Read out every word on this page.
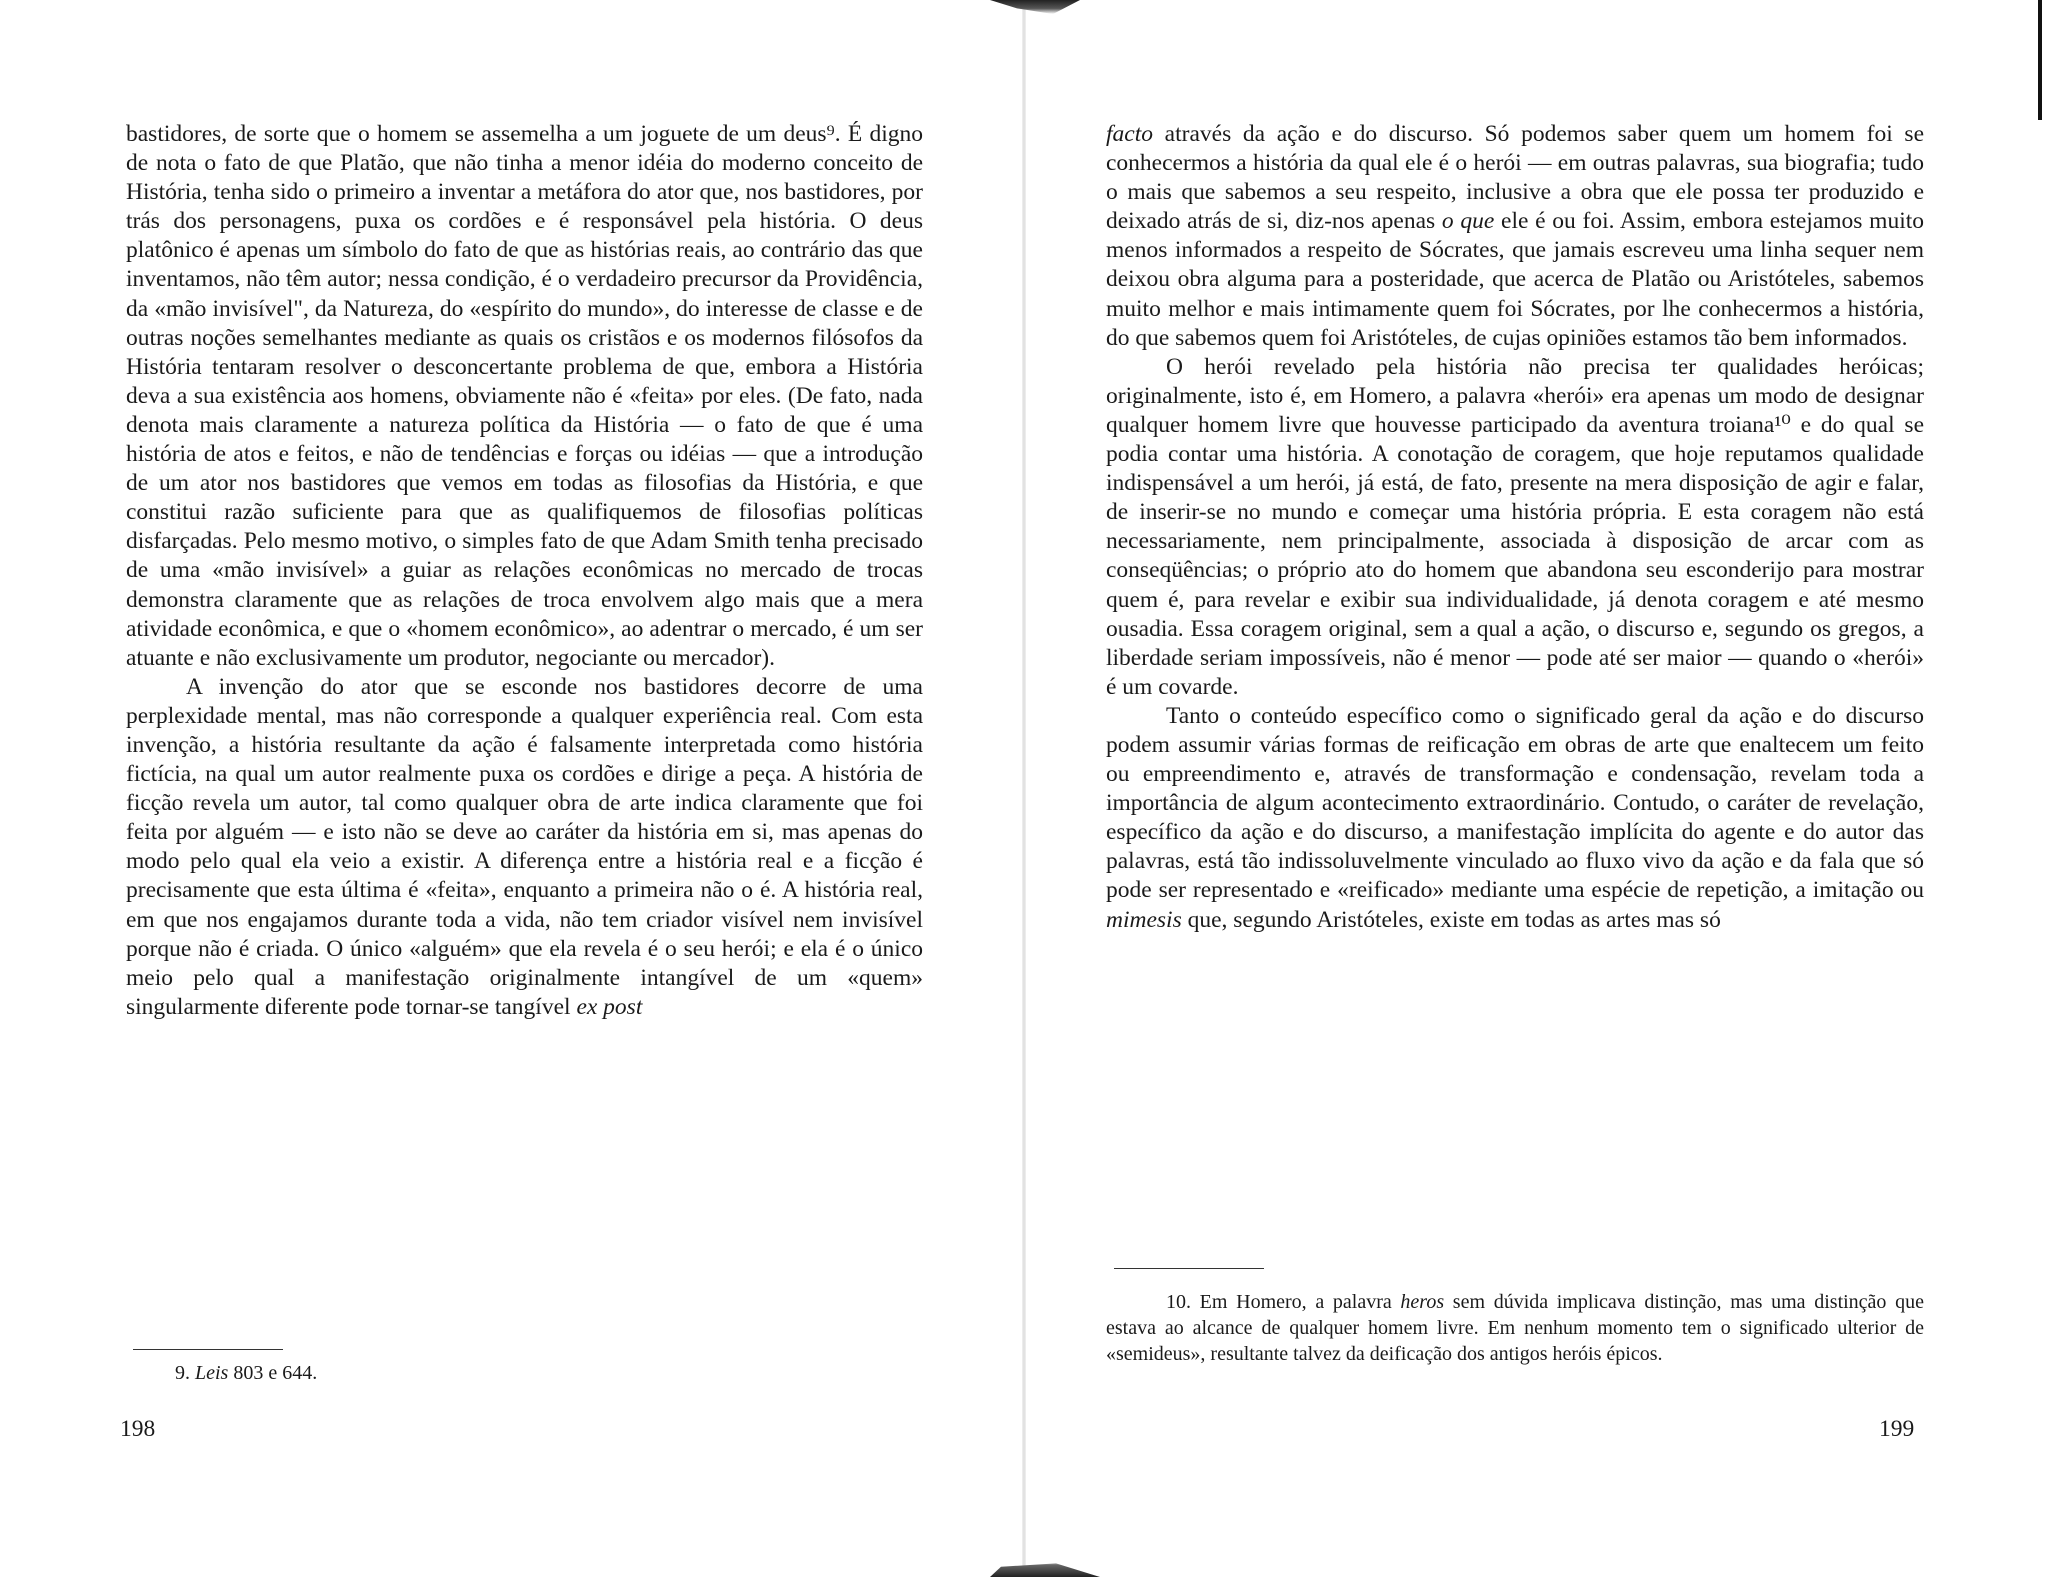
bastidores, de sorte que o homem se assemelha a um joguete de um deus⁹. É digno de nota o fato de que Platão, que não tinha a menor idéia do moderno conceito de História, tenha sido o primeiro a inventar a metáfora do ator que, nos bastidores, por trás dos personagens, puxa os cordões e é responsável pela história. O deus platônico é apenas um símbolo do fato de que as histórias reais, ao contrário das que inventamos, não têm autor; nessa condição, é o verdadeiro precursor da Providência, da «mão invisível", da Natureza, do «espírito do mundo», do interesse de classe e de outras noções semelhantes mediante as quais os cristãos e os modernos filósofos da História tentaram resolver o desconcertante problema de que, embora a História deva a sua existência aos homens, obviamente não é «feita» por eles. (De fato, nada denota mais claramente a natureza política da História — o fato de que é uma história de atos e feitos, e não de tendências e forças ou idéias — que a introdução de um ator nos bastidores que vemos em todas as filosofias da História, e que constitui razão suficiente para que as qualifiquemos de filosofias políticas disfarçadas. Pelo mesmo motivo, o simples fato de que Adam Smith tenha precisado de uma «mão invisível» a guiar as relações econômicas no mercado de trocas demonstra claramente que as relações de troca envolvem algo mais que a mera atividade econômica, e que o «homem econômico», ao adentrar o mercado, é um ser atuante e não exclusivamente um produtor, negociante ou mercador).

A invenção do ator que se esconde nos bastidores decorre de uma perplexidade mental, mas não corresponde a qualquer experiência real. Com esta invenção, a história resultante da ação é falsamente interpretada como história fictícia, na qual um autor realmente puxa os cordões e dirige a peça. A história de ficção revela um autor, tal como qualquer obra de arte indica claramente que foi feita por alguém — e isto não se deve ao caráter da história em si, mas apenas do modo pelo qual ela veio a existir. A diferença entre a história real e a ficção é precisamente que esta última é «feita», enquanto a primeira não o é. A história real, em que nos engajamos durante toda a vida, não tem criador visível nem invisível porque não é criada. O único «alguém» que ela revela é o seu herói; e ela é o único meio pelo qual a manifestação originalmente intangível de um «quem» singularmente diferente pode tornar-se tangível ex post

9. Leis 803 e 644.
198

facto através da ação e do discurso. Só podemos saber quem um homem foi se conhecermos a história da qual ele é o herói — em outras palavras, sua biografia; tudo o mais que sabemos a seu respeito, inclusive a obra que ele possa ter produzido e deixado atrás de si, diz-nos apenas o que ele é ou foi. Assim, embora estejamos muito menos informados a respeito de Sócrates, que jamais escreveu uma linha sequer nem deixou obra alguma para a posteridade, que acerca de Platão ou Aristóteles, sabemos muito melhor e mais intimamente quem foi Sócrates, por lhe conhecermos a história, do que sabemos quem foi Aristóteles, de cujas opiniões estamos tão bem informados.

O herói revelado pela história não precisa ter qualidades heróicas; originalmente, isto é, em Homero, a palavra «herói» era apenas um modo de designar qualquer homem livre que houvesse participado da aventura troiana¹⁰ e do qual se podia contar uma história. A conotação de coragem, que hoje reputamos qualidade indispensável a um herói, já está, de fato, presente na mera disposição de agir e falar, de inserir-se no mundo e começar uma história própria. E esta coragem não está necessariamente, nem principalmente, associada à disposição de arcar com as conseqüências; o próprio ato do homem que abandona seu esconderijo para mostrar quem é, para revelar e exibir sua individualidade, já denota coragem e até mesmo ousadia. Essa coragem original, sem a qual a ação, o discurso e, segundo os gregos, a liberdade seriam impossíveis, não é menor — pode até ser maior — quando o «herói» é um covarde.

Tanto o conteúdo específico como o significado geral da ação e do discurso podem assumir várias formas de reificação em obras de arte que enaltecem um feito ou empreendimento e, através de transformação e condensação, revelam toda a importância de algum acontecimento extraordinário. Contudo, o caráter de revelação, específico da ação e do discurso, a manifestação implícita do agente e do autor das palavras, está tão indissoluvelmente vinculado ao fluxo vivo da ação e da fala que só pode ser representado e «reificado» mediante uma espécie de repetição, a imitação ou mimesis que, segundo Aristóteles, existe em todas as artes mas só

10. Em Homero, a palavra heros sem dúvida implicava distinção, mas uma distinção que estava ao alcance de qualquer homem livre. Em nenhum momento tem o significado ulterior de «semideus», resultante talvez da deificação dos antigos heróis épicos.
199
